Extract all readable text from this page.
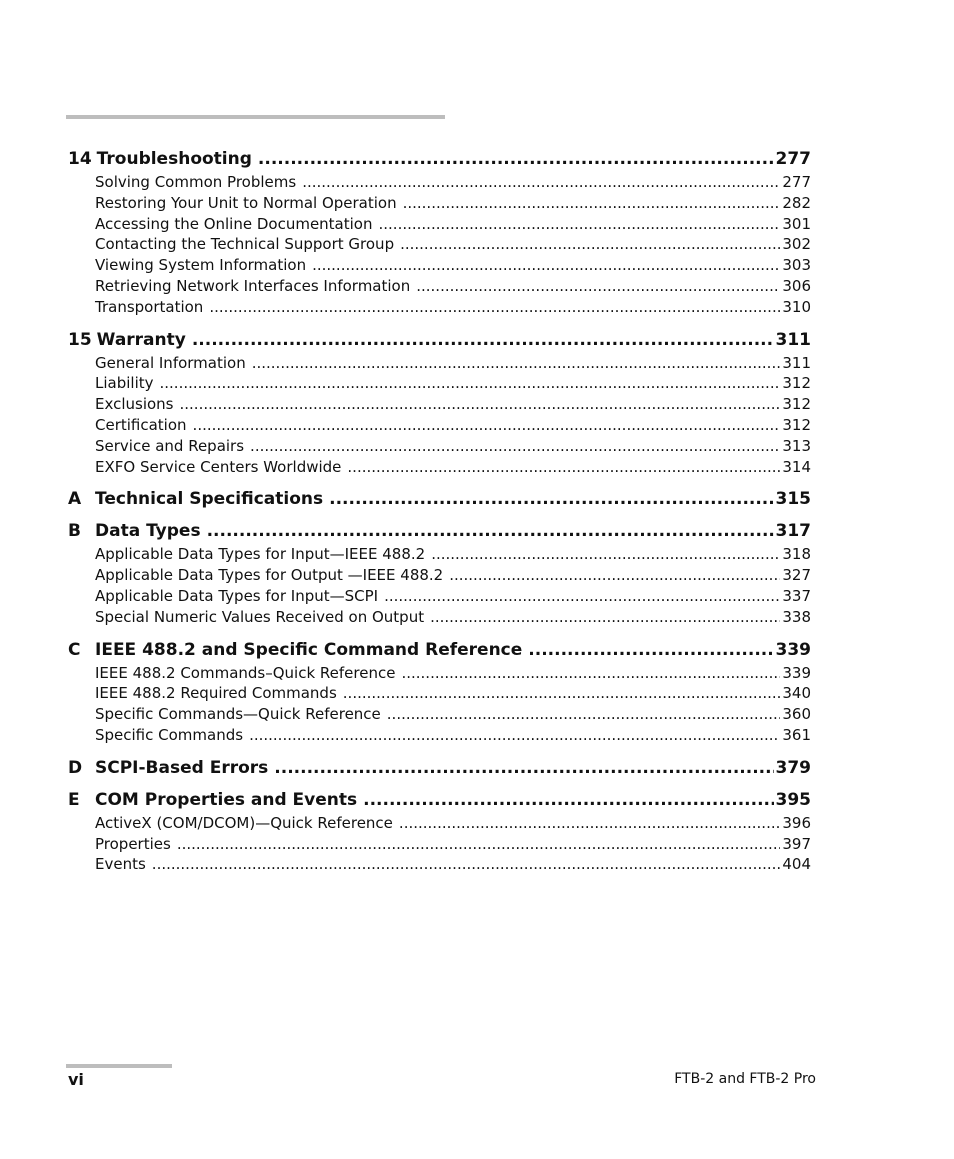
14 Troubleshooting .....	277
Solving Common Problems .....	277
Restoring Your Unit to Normal Operation .....	282
Accessing the Online Documentation .....	301
Contacting the Technical Support Group .....	302
Viewing System Information .....	303
Retrieving Network Interfaces Information .....	306
Transportation .....	310
15 Warranty .....	311
General Information .....	311
Liability .....	312
Exclusions .....	312
Certification .....	312
Service and Repairs .....	313
EXFO Service Centers Worldwide .....	314
A Technical Specifications .....	315
B Data Types .....	317
Applicable Data Types for Input—IEEE 488.2 .....	318
Applicable Data Types for Output —IEEE 488.2 .....	327
Applicable Data Types for Input—SCPI .....	337
Special Numeric Values Received on Output .....	338
C IEEE 488.2 and Specific Command Reference .....	339
IEEE 488.2 Commands–Quick Reference .....	339
IEEE 488.2 Required Commands .....	340
Specific Commands—Quick Reference .....	360
Specific Commands .....	361
D SCPI-Based Errors .....	379
E COM Properties and Events .....	395
ActiveX (COM/DCOM)—Quick Reference .....	396
Properties .....	397
Events .....	404
vi	FTB-2 and FTB-2 Pro
